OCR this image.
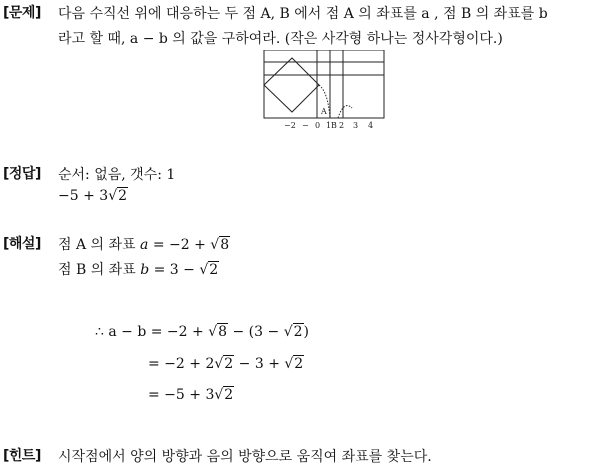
[문제] 다음 수직선 위에 대응하는 두 점 A, B 에서 점 A 의 좌표를 a , 점 B 의 좌표를 b
라고 할 때, a − b 의 값을 구하여라. (작은 사각형 하나는 정사각형이다.)
A
−2 − 0 1 B 2 3 4
[정답] 순서: 없음, 갯수: 1
−5 + 3√2
[해설] 점 A 의 좌표 a = −2 + √8
점 B 의 좌표 b = 3 − √2
∴ a − b = −2 + √8 − (3 − √2)
= −2 + 2√2 − 3 + √2
= −5 + 3√2
[힌트] 시작점에서 양의 방향과 음의 방향으로 움직여 좌표를 찾는다.
